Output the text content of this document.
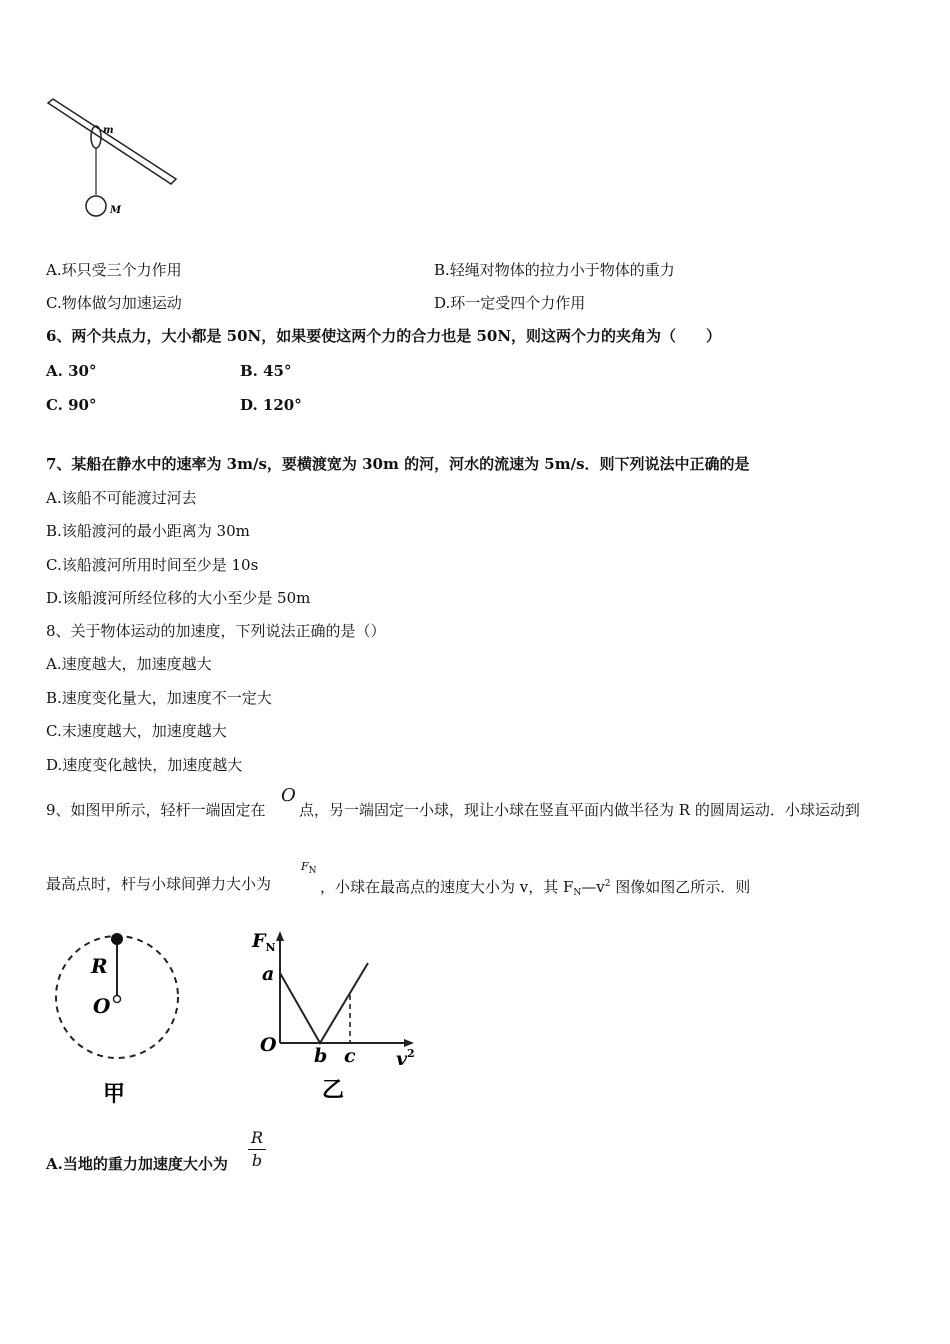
m
M
A.环只受三个力作用	B.轻绳对物体的拉力小于物体的重力
C.物体做匀加速运动	D.环一定受四个力作用
6、两个共点力，大小都是 50N，如果要使这两个力的合力也是 50N，则这两个力的夹角为（　　）
A. 30°	B. 45°
C. 90°	D. 120°
7、某船在静水中的速率为 3m/s，要横渡宽为 30m 的河，河水的流速为 5m/s．则下列说法中正确的是
A.该船不可能渡过河去
B.该船渡河的最小距离为 30m
C.该船渡河所用时间至少是 10s
D.该船渡河所经位移的大小至少是 50m
8、关于物体运动的加速度，下列说法正确的是（）
A.速度越大，加速度越大
B.速度变化量大，加速度不一定大
C.末速度越大，加速度越大
D.速度变化越快，加速度越大
9、如图甲所示，轻杆一端固定在
O
点，另一端固定一小球，现让小球在竖直平面内做半径为 R 的圆周运动．小球运动到
最高点时，杆与小球间弹力大小为
$F_N$
，小球在最高点的速度大小为 v，其 $F_N—v^2$ 图像如图乙所示．则
R
O
甲
$F_N$
a
O b c $v^2$
乙
A.当地的重力加速度大小为
R
b
